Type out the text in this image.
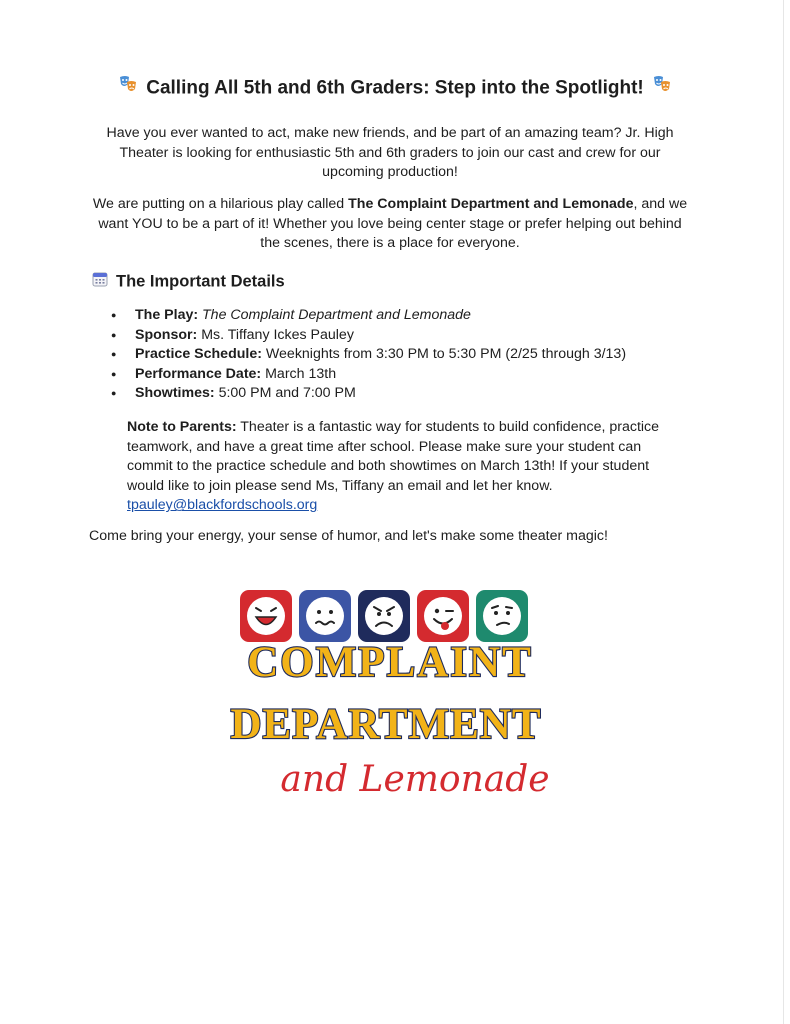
Calling All 5th and 6th Graders: Step into the Spotlight!
Have you ever wanted to act, make new friends, and be part of an amazing team? Jr. High Theater is looking for enthusiastic 5th and 6th graders to join our cast and crew for our upcoming production!
We are putting on a hilarious play called The Complaint Department and Lemonade, and we want YOU to be a part of it! Whether you love being center stage or prefer helping out behind the scenes, there is a place for everyone.
The Important Details
● The Play: The Complaint Department and Lemonade
● Sponsor: Ms. Tiffany Ickes Pauley
● Practice Schedule: Weeknights from 3:30 PM to 5:30 PM (2/25 through 3/13)
● Performance Date: March 13th
● Showtimes: 5:00 PM and 7:00 PM
Note to Parents: Theater is a fantastic way for students to build confidence, practice teamwork, and have a great time after school. Please make sure your student can commit to the practice schedule and both showtimes on March 13th! If your student would like to join please send Ms, Tiffany an email and let her know.
tpauley@blackfordschools.org
Come bring your energy, your sense of humor, and let's make some theater magic!
COMPLAINT
DEPARTMENT
and Lemonade
